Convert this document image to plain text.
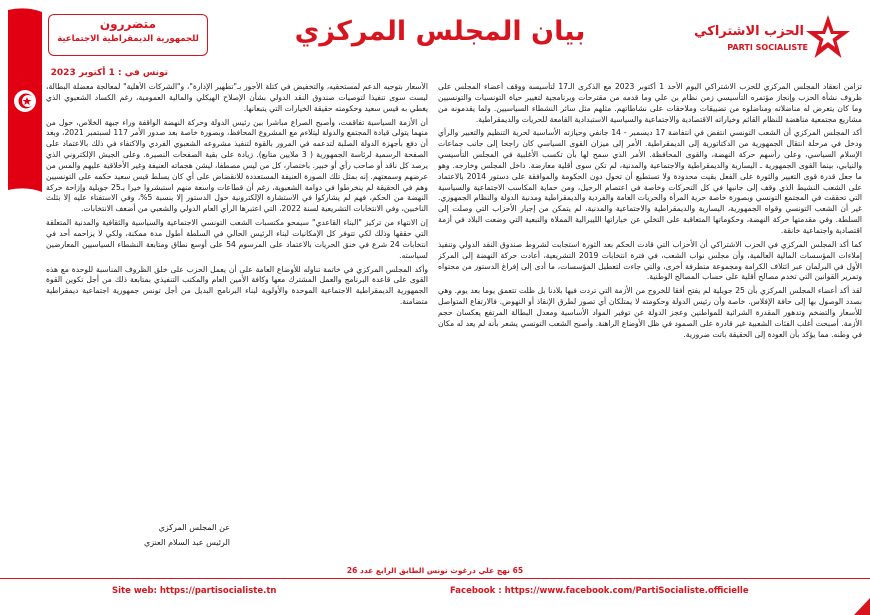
الحزب الاشتراكي
PARTI SOCIALISTE
بيان المجلس المركزي
متضررون
للجمهورية الديمقراطية الاجتماعية
تونس في : 1 أكتوبر 2023

تزامن انعقاد المجلس المركزي للحزب الاشتراكي اليوم الأحد 1 أكتوبر 2023 مع الذكرى الـ17 لتأسيسه ووقف أعضاء المجلس على ظروف نشأة الحزب وإنجاز مؤتمره التأسيسي زمن نظام بن علي وما قدمه من مقترحات وبرنامجية لتغيير حياة التونسيات والتونسيين وما كان يتعرض له مناضلاته ومناضلوه من تضييقات وملاحقات على نشاطاتهم. مثلهم مثل سائر النشطاء السياسيين. ولما يقدمونه من مشاريع مجتمعية مناهضة للنظام القائم وخياراته الاقتصادية والاجتماعية والسياسية الاستبدادية القامعة للحريات والديمقراطية.

أكد المجلس المركزي أن الشعب التونسي انتفض في انتفاضة 17 ديسمبر - 14 جانفي وحيازته الأساسية لحرية التنظيم والتعبير والرأي ودخل في مرحلة انتقال الجمهورية من الدكتاتورية إلى الديمقراطية. الأمر إلى ميزان القوى السياسي كان راجحا إلى جانب جماعات الإسلام السياسي، وعلى رأسهم حركة النهضة، والقوى المحافظة. الأمر الذي سمح لها بأن تكسب الأغلبية في المجلس التأسيسي والنيابي، بينما القوى الجمهورية ـ اليسارية والديمقراطية والاجتماعية والمدنية، لم تكن سوى أقلية معارضة. داخل المجلس وخارجه. وهو ما جعل قدرة قوى التغيير والثورة على الفعل بقيت محدودة ولا تستطيع أن تحول دون الحكومة والموافقة على دستور 2014 بالاعتماد على الشعب النشيط الذي وقف إلى جانبها في كل التحركات وخاصة في اعتصام الرحيل، ومن حماية المكاسب الاجتماعية والسياسية التي تحققت في المجتمع التونسي وبصورة خاصة حرية المرأة والحريات العامة والفردية والديمقراطية ومدنية الدولة والنظام الجمهوري. غير أن الشعب التونسي وقواه الجمهورية، اليسارية والديمقراطية والاجتماعية والمدنية، لم يتمكن من إجبار الأحزاب التي وصلت إلى السلطة. وفي مقدمتها حركة النهضة، وحكوماتها المتعاقبة على التخلي عن خياراتها الليبرالية المملاة والتبعية التي وضعت البلاد في أزمة اقتصادية واجتماعية خانقة.

كما أكد المجلس المركزي في الحزب الاشتراكي أن الأحزاب التي قادت الحكم بعد الثورة استجابت لشروط صندوق النقد الدولي وتنفيذ إملاءات المؤسسات المالية العالمية، وأن مجلس نواب الشعب، في فترة انتخابات 2019 التشريعية، أعادت حركة النهضة إلى المركز الأول في البرلمان عبر ائتلاف الكرامة ومجموعة متطرفة أخرى، والتي جاءت لتعطيل المؤسسات، ما أدى إلى إفراغ الدستور من محتواه وتمرير القوانين التي تخدم مصالح أقلية على حساب المصالح الوطنية.

لقد أكد أعضاء المجلس المركزي بأن 25 جويلية لم يفتح أفقا للخروج من الأزمة التي تردت فيها بلادنا بل ظلت تتعمق يوما بعد يوم. وهي بصدد الوصول بها إلى حافة الإفلاس. خاصة وأن رئيس الدولة وحكومته لا يمتلكان أي تصور لطرق الإنقاذ أو النهوض. فالارتفاع المتواصل للأسعار والتضخم وتدهور المقدرة الشرائية للمواطنين وعجز الدولة عن توفير المواد الأساسية ومعدل البطالة المرتفع يعكسان حجم الأزمة. أصبحت أغلب الفئات الشعبية غير قادرة على الصمود في ظل الأوضاع الراهنة. وأصبح الشعب التونسي يشعر بأنه لم يعد له مكان في وطنه. مما يؤكد بأن العودة إلى الحقيقة باتت ضرورية.

الأسعار بتوجيه الدعم لمستحقيه، والتخفيض في كتلة الأجور بـ"تطهير الإدارة"، و"الشركات الأهلية" لمعالجة معضلة البطالة، ليست سوى تنفيذا لتوصيات صندوق النقد الدولي بشأن الإصلاح الهيكلي والمالية العمومية، رغم الكساد الشعبوي الذي يغطي به قيس سعيد وحكومته حقيقة الخيارات التي يتبعانها.

أن الأزمة السياسية تفاقمت، وأصبح الصراع مباشرا بين رئيس الدولة وحركة النهضة الواقفة وراء جبهة الخلاص، حول من منهما يتولى قيادة المجتمع والدولة ليتلاءم مع المشروع المحافظ، وبصورة خاصة بعد صدور الأمر 117 لسبتمبر 2021، وبعد أن دفع بأجهزة الدولة الصلبة لتدعمه في المرور بالقوة لتنفيذ مشروعه الشعبوي الفردي والاكتفاء في ذلك بالاعتماد على الصفحة الرسمية لرئاسة الجمهورية ( 3 ملايين متابع). زيادة على بقية الصفحات النصيرة. وعلى الجيش الإلكتروني الذي يرصد كل ناقد أو صاحب رأي أو خبير. باختصار، كل من ليس مصطفا، ليشن هجماته العنيفة وغير الأخلاقية عليهم والمس من عرضهم وسمعتهم. إنه بمثل تلك الصورة العنيفة المستعددة للانقضاض على أي كان يسلط قيس سعيد حكمه على التونسيين وهم في الحقيقة لم ينخرطوا في دوامة الشعبوية، رغم أن قطاعات واسعة منهم استبشروا خيرا بـ25 جويلية وإزاحة حركة النهضة من الحكم، فهم لم يشاركوا في الاستشارة الإلكترونية حول الدستور إلا بنسبة 5%، وفي الاستفتاء عليه إلا بثلث الناخبين، وفي الانتخابات التشريعية لسنة 2022، التي اعتبرها الرأي العام الدولي والشعبي من أضعف الانتخابات.

إن الانتهاء من تركيز "البناء القاعدي" سيمحو مكتسبات الشعب التونسي الاجتماعية والسياسية والثقافية والمدنية المتعلقة التي حققها وذلك لكي تتوفر كل الإمكانيات لبناء الرئيس الحالي في السلطة أطول مدة ممكنة، ولكي لا يزاحمه أحد في انتخابات 24 شرع في خنق الحريات بالاعتماد على المرسوم 54 على أوسع نطاق ومتابعة النشطاء السياسيين المعارضين لسياسته.

وأكد المجلس المركزي في خاتمة تناوله للأوضاع العامة على أن يعمل الحزب على خلق الظروف المناسبة للوحدة مع هذه القوى على قاعدة البرنامج والعمل المشترك معها وكافة الأمين العام والمكتب التنفيذي بمتابعة ذلك من أجل تكوين القوة الجمهورية الديمقراطية الاجتماعية الموحدة والأولوية لبناء البرنامج البديل من أجل تونس جمهورية اجتماعية ديمقراطية متضامنة.

عن المجلس المركزي
الرئيس عبد السلام العنزي
65 نهج علي درغوث تونس الطابق الرابع عدد 26
Site web: https://partisocialiste.tn	Facebook : https://www.facebook.com/PartiSocialiste.officielle
